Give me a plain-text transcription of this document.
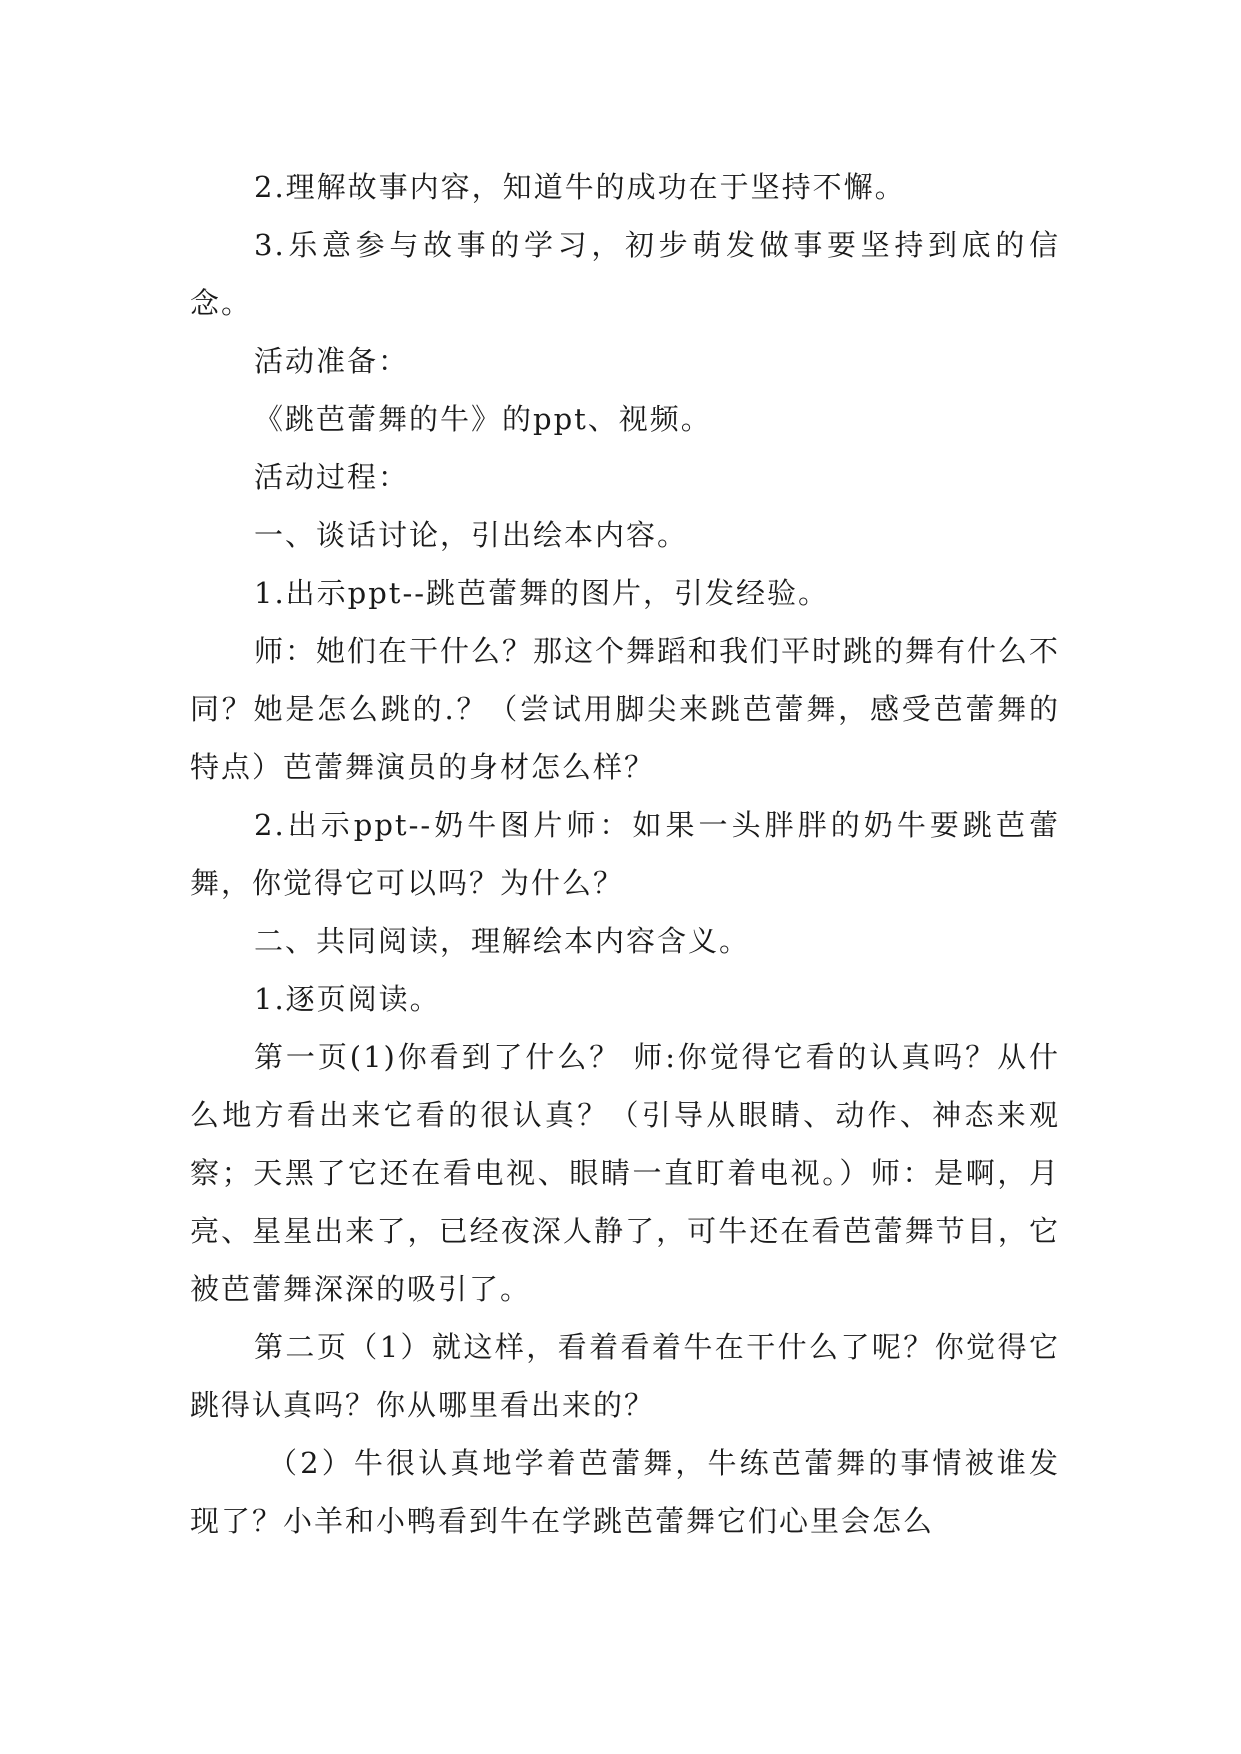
2.理解故事内容，知道牛的成功在于坚持不懈。

3.乐意参与故事的学习，初步萌发做事要坚持到底的信念。

活动准备：

《跳芭蕾舞的牛》的ppt、视频。

活动过程：

一、谈话讨论，引出绘本内容。

1.出示ppt--跳芭蕾舞的图片，引发经验。

师：她们在干什么？那这个舞蹈和我们平时跳的舞有什么不同？她是怎么跳的.？（尝试用脚尖来跳芭蕾舞，感受芭蕾舞的特点）芭蕾舞演员的身材怎么样？

2.出示ppt--奶牛图片师：如果一头胖胖的奶牛要跳芭蕾舞，你觉得它可以吗？为什么？

二、共同阅读，理解绘本内容含义。

1.逐页阅读。

第一页(1)你看到了什么？ 师:你觉得它看的认真吗？从什么地方看出来它看的很认真？（引导从眼睛、动作、神态来观察；天黑了它还在看电视、眼睛一直盯着电视。）师：是啊，月亮、星星出来了，已经夜深人静了，可牛还在看芭蕾舞节目，它被芭蕾舞深深的吸引了。

第二页（1）就这样，看着看着牛在干什么了呢？你觉得它跳得认真吗？你从哪里看出来的？

（2）牛很认真地学着芭蕾舞，牛练芭蕾舞的事情被谁发现了？小羊和小鸭看到牛在学跳芭蕾舞它们心里会怎么
